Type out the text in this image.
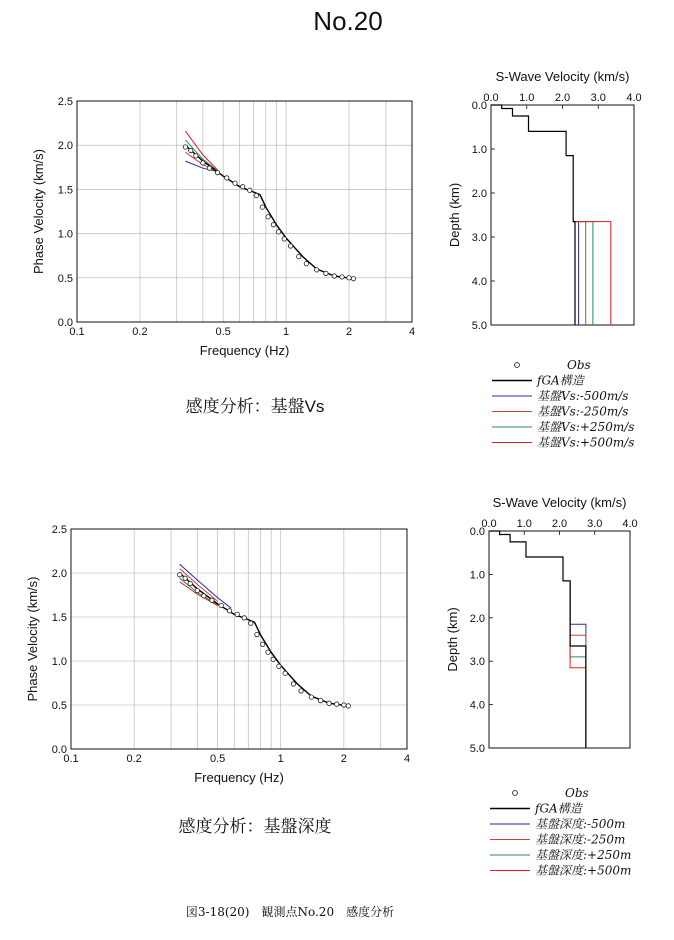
No.20
0.1	0.2	0.5	1	2	4
0.0
0.5
1.0
1.5
2.0
2.5
Frequency (Hz)
Phase Velocity (km/s)
S-Wave Velocity (km/s)
0.0 1.0 2.0 3.0 4.0
0.0
1.0
2.0
3.0
4.0
5.0
Depth (km)
Obs
fGA構造
基盤Vs:-500m/s
基盤Vs:-250m/s
基盤Vs:+250m/s
基盤Vs:+500m/s
感度分析：基盤Vs
0.1	0.2	0.5	1	2	4
0.0
0.5
1.0
1.5
2.0
2.5
Frequency (Hz)
Phase Velocity (km/s)
S-Wave Velocity (km/s)
0.0 1.0 2.0 3.0 4.0
0.0
1.0
2.0
3.0
4.0
5.0
Depth (km)
Obs
fGA構造
基盤深度:-500m
基盤深度:-250m
基盤深度:+250m
基盤深度:+500m
感度分析：基盤深度
図3-18(20)　観測点No.20　感度分析
